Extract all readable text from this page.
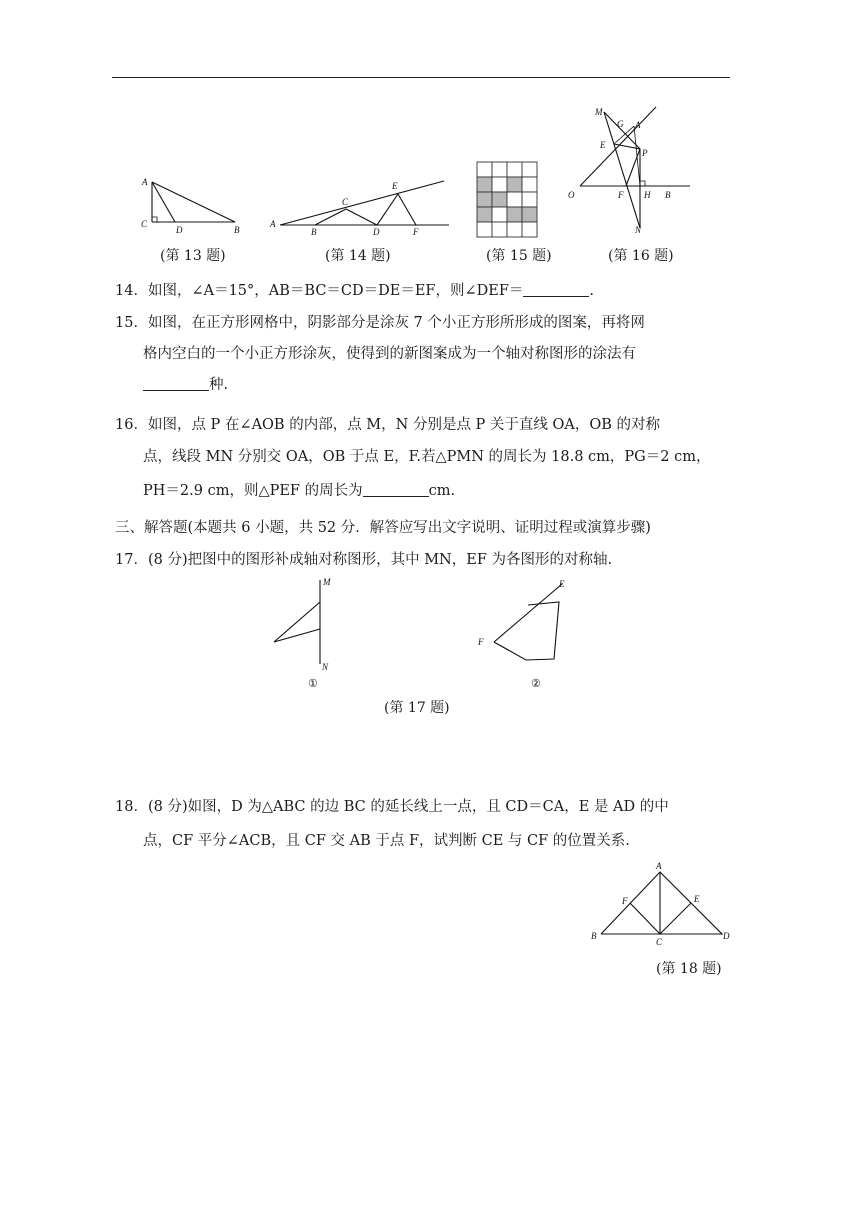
A
C
D	B
A
B
C
D
E
F
M
G A
E
P
O	F H B
N
(第 13 题)	(第 14 题)	(第 15 题)	(第 16 题)
14．如图，∠A＝15°，AB＝BC＝CD＝DE＝EF，则∠DEF＝	.
15．如图，在正方形网格中，阴影部分是涂灰 7 个小正方形所形成的图案，再将网
格内空白的一个小正方形涂灰，使得到的新图案成为一个轴对称图形的涂法有
种.
16．如图，点 P 在∠AOB 的内部，点 M，N 分别是点 P 关于直线 OA，OB 的对称
点，线段 MN 分别交 OA，OB 于点 E，F.若△PMN 的周长为 18.8 cm，PG＝2 cm，
PH＝2.9 cm，则△PEF 的周长为	cm.
三、解答题(本题共 6 小题，共 52 分．解答应写出文字说明、证明过程或演算步骤)
17．(8 分)把图中的图形补成轴对称图形，其中 MN，EF 为各图形的对称轴.
M
N
E
F
①	②
(第 17 题)
18．(8 分)如图，D 为△ABC 的边 BC 的延长线上一点，且 CD＝CA，E 是 AD 的中
点，CF 平分∠ACB，且 CF 交 AB 于点 F，试判断 CE 与 CF 的位置关系.
A
F	E
B
C
D
(第 18 题)
